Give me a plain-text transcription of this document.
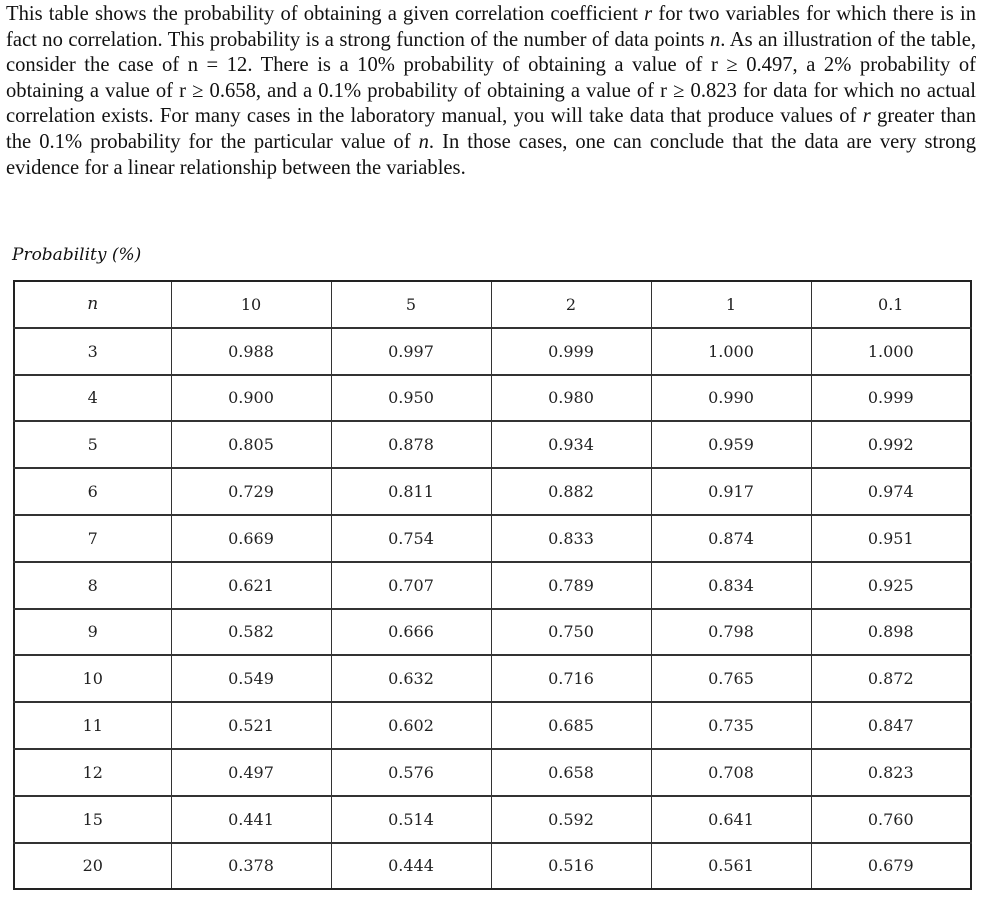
This table shows the probability of obtaining a given correlation coefficient r for two variables for which there is in fact no correlation. This probability is a strong function of the number of data points n. As an illustration of the table, consider the case of n = 12. There is a 10% probability of obtaining a value of r ≥ 0.497, a 2% probability of obtaining a value of r ≥ 0.658, and a 0.1% probability of obtaining a value of r ≥ 0.823 for data for which no actual correlation exists. For many cases in the laboratory manual, you will take data that produce values of r greater than the 0.1% probability for the particular value of n. In those cases, one can conclude that the data are very strong evidence for a linear relationship between the variables.

Probability (%)

n	10	5	2	1	0.1
3	0.988	0.997	0.999	1.000	1.000
4	0.900	0.950	0.980	0.990	0.999
5	0.805	0.878	0.934	0.959	0.992
6	0.729	0.811	0.882	0.917	0.974
7	0.669	0.754	0.833	0.874	0.951
8	0.621	0.707	0.789	0.834	0.925
9	0.582	0.666	0.750	0.798	0.898
10	0.549	0.632	0.716	0.765	0.872
11	0.521	0.602	0.685	0.735	0.847
12	0.497	0.576	0.658	0.708	0.823
15	0.441	0.514	0.592	0.641	0.760
20	0.378	0.444	0.516	0.561	0.679
